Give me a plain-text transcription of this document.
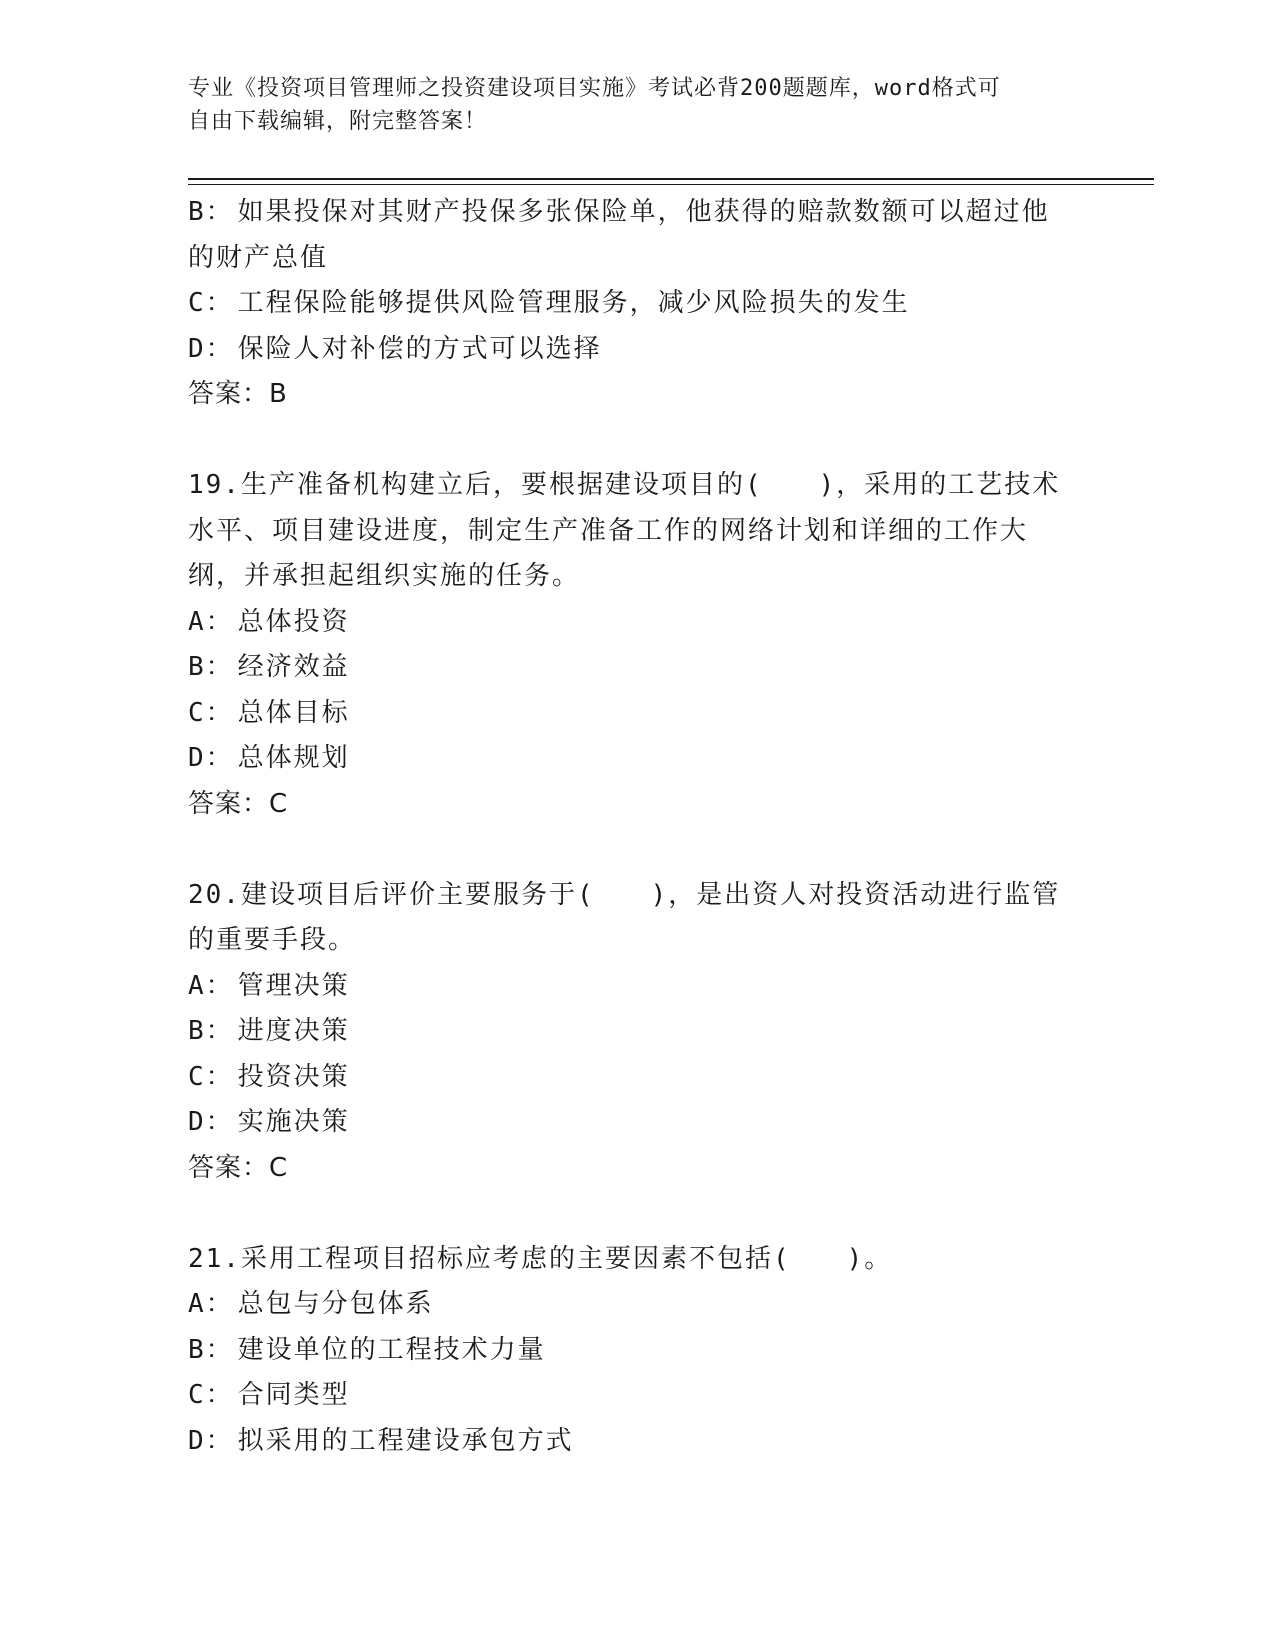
专业《投资项目管理师之投资建设项目实施》考试必背200题题库，word格式可
自由下载编辑，附完整答案！
B： 如果投保对其财产投保多张保险单，他获得的赔款数额可以超过他
的财产总值
C： 工程保险能够提供风险管理服务，减少风险损失的发生
D： 保险人对补偿的方式可以选择
答案：B
19.生产准备机构建立后，要根据建设项目的(　　)，采用的工艺技术
水平、项目建设进度，制定生产准备工作的网络计划和详细的工作大
纲，并承担起组织实施的任务。
A： 总体投资
B： 经济效益
C： 总体目标
D： 总体规划
答案：C
20.建设项目后评价主要服务于(　　)，是出资人对投资活动进行监管
的重要手段。
A： 管理决策
B： 进度决策
C： 投资决策
D： 实施决策
答案：C
21.采用工程项目招标应考虑的主要因素不包括(　　)。
A： 总包与分包体系
B： 建设单位的工程技术力量
C： 合同类型
D： 拟采用的工程建设承包方式
